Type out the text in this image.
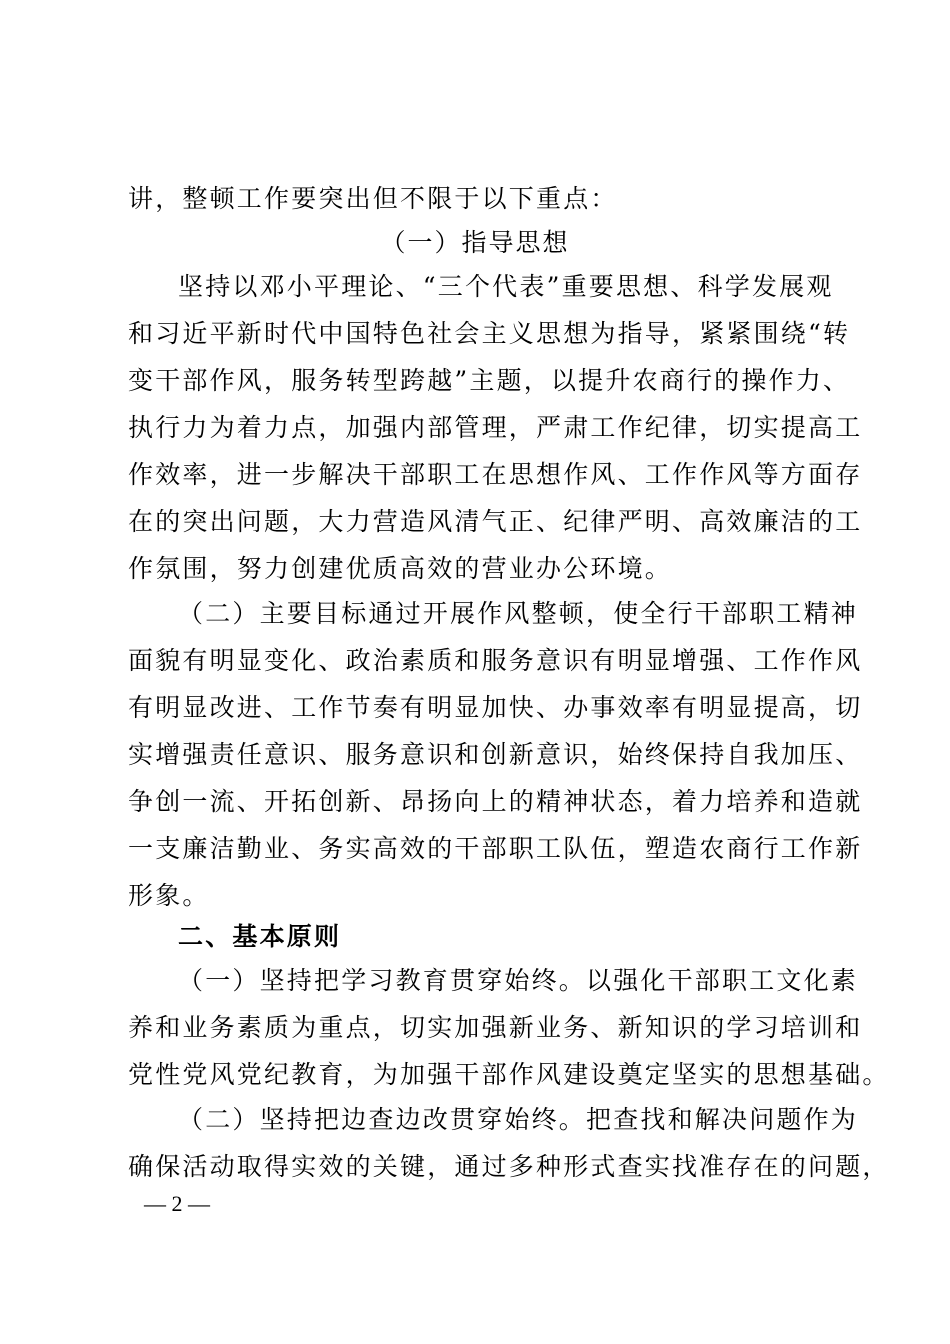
讲，整顿工作要突出但不限于以下重点：
（一）指导思想
坚持以邓小平理论、“三个代表”重要思想、科学发展观
和习近平新时代中国特色社会主义思想为指导，紧紧围绕“转
变干部作风，服务转型跨越”主题，以提升农商行的操作力、
执行力为着力点，加强内部管理，严肃工作纪律，切实提高工
作效率，进一步解决干部职工在思想作风、工作作风等方面存
在的突出问题，大力营造风清气正、纪律严明、高效廉洁的工
作氛围，努力创建优质高效的营业办公环境。
（二）主要目标通过开展作风整顿，使全行干部职工精神
面貌有明显变化、政治素质和服务意识有明显增强、工作作风
有明显改进、工作节奏有明显加快、办事效率有明显提高，切
实增强责任意识、服务意识和创新意识，始终保持自我加压、
争创一流、开拓创新、昂扬向上的精神状态，着力培养和造就
一支廉洁勤业、务实高效的干部职工队伍，塑造农商行工作新
形象。
二、基本原则
（一）坚持把学习教育贯穿始终。以强化干部职工文化素
养和业务素质为重点，切实加强新业务、新知识的学习培训和
党性党风党纪教育，为加强干部作风建设奠定坚实的思想基础。
（二）坚持把边查边改贯穿始终。把查找和解决问题作为
确保活动取得实效的关键，通过多种形式查实找准存在的问题，
— 2 —
